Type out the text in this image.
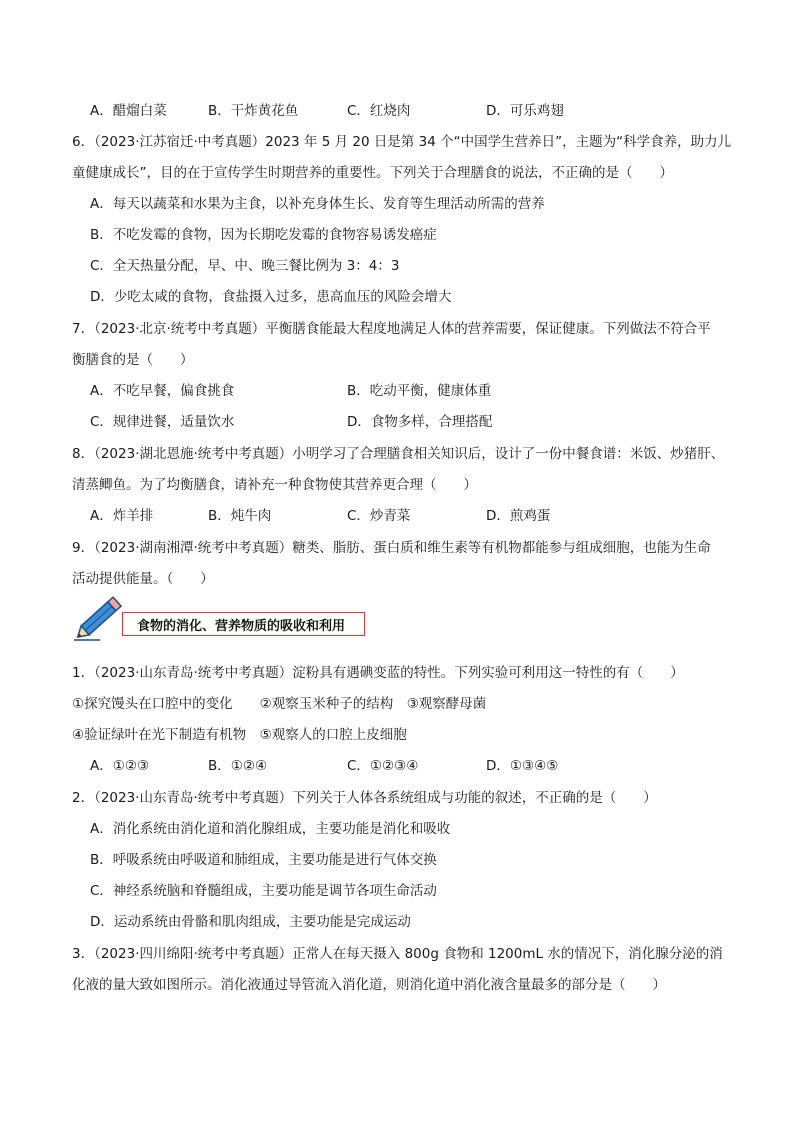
A．醋熘白菜	B．干炸黄花鱼	C．红烧肉	D．可乐鸡翅
6．（2023·江苏宿迁·中考真题）2023 年 5 月 20 日是第 34 个“中国学生营养日”，主题为“科学食养，助力儿
童健康成长”，目的在于宣传学生时期营养的重要性。下列关于合理膳食的说法，不正确的是（　　）
A．每天以蔬菜和水果为主食，以补充身体生长、发育等生理活动所需的营养
B．不吃发霉的食物，因为长期吃发霉的食物容易诱发癌症
C．全天热量分配，早、中、晚三餐比例为 3：4：3
D．少吃太咸的食物，食盐摄入过多，患高血压的风险会增大
7．（2023·北京·统考中考真题）平衡膳食能最大程度地满足人体的营养需要，保证健康。下列做法不符合平
衡膳食的是（　　）
A．不吃早餐，偏食挑食	B．吃动平衡，健康体重
C．规律进餐，适量饮水	D．食物多样，合理搭配
8．（2023·湖北恩施·统考中考真题）小明学习了合理膳食相关知识后，设计了一份中餐食谱：米饭、炒猪肝、
清蒸鲫鱼。为了均衡膳食，请补充一种食物使其营养更合理（　　）
A．炸羊排	B．炖牛肉	C．炒青菜	D．煎鸡蛋
9．（2023·湖南湘潭·统考中考真题）糖类、脂肪、蛋白质和维生素等有机物都能参与组成细胞，也能为生命
活动提供能量。（　　）
食物的消化、营养物质的吸收和利用
1．（2023·山东青岛·统考中考真题）淀粉具有遇碘变蓝的特性。下列实验可利用这一特性的有（　　）
①探究馒头在口腔中的变化　　②观察玉米种子的结构　③观察酵母菌
④验证绿叶在光下制造有机物　⑤观察人的口腔上皮细胞
A．①②③	B．①②④	C．①②③④	D．①③④⑤
2．（2023·山东青岛·统考中考真题）下列关于人体各系统组成与功能的叙述，不正确的是（　　）
A．消化系统由消化道和消化腺组成，主要功能是消化和吸收
B．呼吸系统由呼吸道和肺组成，主要功能是进行气体交换
C．神经系统脑和脊髓组成，主要功能是调节各项生命活动
D．运动系统由骨骼和肌肉组成，主要功能是完成运动
3．（2023·四川绵阳·统考中考真题）正常人在每天摄入 800g 食物和 1200mL 水的情况下，消化腺分泌的消
化液的量大致如图所示。消化液通过导管流入消化道，则消化道中消化液含量最多的部分是（　　）
